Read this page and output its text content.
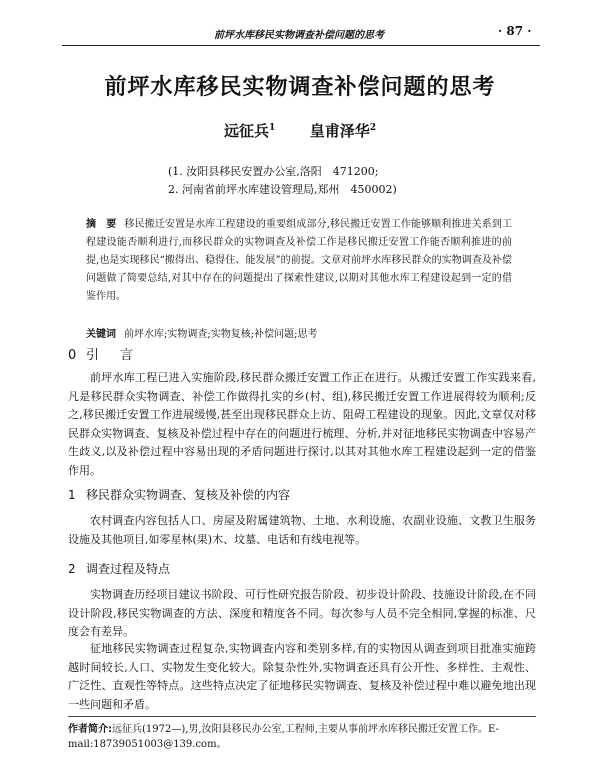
前坪水库移民实物调查补偿问题的思考	· 87 ·
前坪水库移民实物调查补偿问题的思考
远征兵$^1$ 皇甫泽华$^2$
(1. 汝阳县移民安置办公室,洛阳　471200;
2. 河南省前坪水库建设管理局,郑州　450002)
摘　要 移民搬迁安置是水库工程建设的重要组成部分,移民搬迁安置工作能够顺利推进关系到工程建设能否顺利进行,而移民群众的实物调查及补偿工作是移民搬迁安置工作能否顺利推进的前提,也是实现移民“搬得出、稳得住、能发展”的前提。文章对前坪水库移民群众的实物调查及补偿问题做了简要总结,对其中存在的问题提出了探索性建议,以期对其他水库工程建设起到一定的借鉴作用。
关键词 前坪水库;实物调查;实物复核;补偿问题;思考
0 引　言
前坪水库工程已进入实施阶段,移民群众搬迁安置工作正在进行。从搬迁安置工作实践来看,凡是移民群众实物调查、补偿工作做得扎实的乡(村、组),移民搬迁安置工作进展得较为顺利;反之,移民搬迁安置工作进展缓慢,甚至出现移民群众上访、阻碍工程建设的现象。因此,文章仅对移民群众实物调查、复核及补偿过程中存在的问题进行梳理、分析,并对征地移民实物调查中容易产生歧义,以及补偿过程中容易出现的矛盾问题进行探讨,以其对其他水库工程建设起到一定的借鉴作用。
1 移民群众实物调查、复核及补偿的内容
农村调查内容包括人口、房屋及附属建筑物、土地、水利设施、农副业设施、文教卫生服务设施及其他项目,如零星林(果)木、坟墓、电话和有线电视等。
2 调查过程及特点
实物调查历经项目建议书阶段、可行性研究报告阶段、初步设计阶段、技施设计阶段,在不同设计阶段,移民实物调查的方法、深度和精度各不同。每次参与人员不完全相同,掌握的标准、尺度会有差异。
征地移民实物调查过程复杂,实物调查内容和类别多样,有的实物因从调查到项目批准实施跨越时间较长,人口、实物发生变化较大。除复杂性外,实物调查还具有公开性、多样性、主观性、广泛性、直观性等特点。这些特点决定了征地移民实物调查、复核及补偿过程中难以避免地出现一些问题和矛盾。
作者简介:远征兵(1972—),男,汝阳县移民办公室,工程师,主要从事前坪水库移民搬迁安置工作。E-mail:18739051003@139.com。
